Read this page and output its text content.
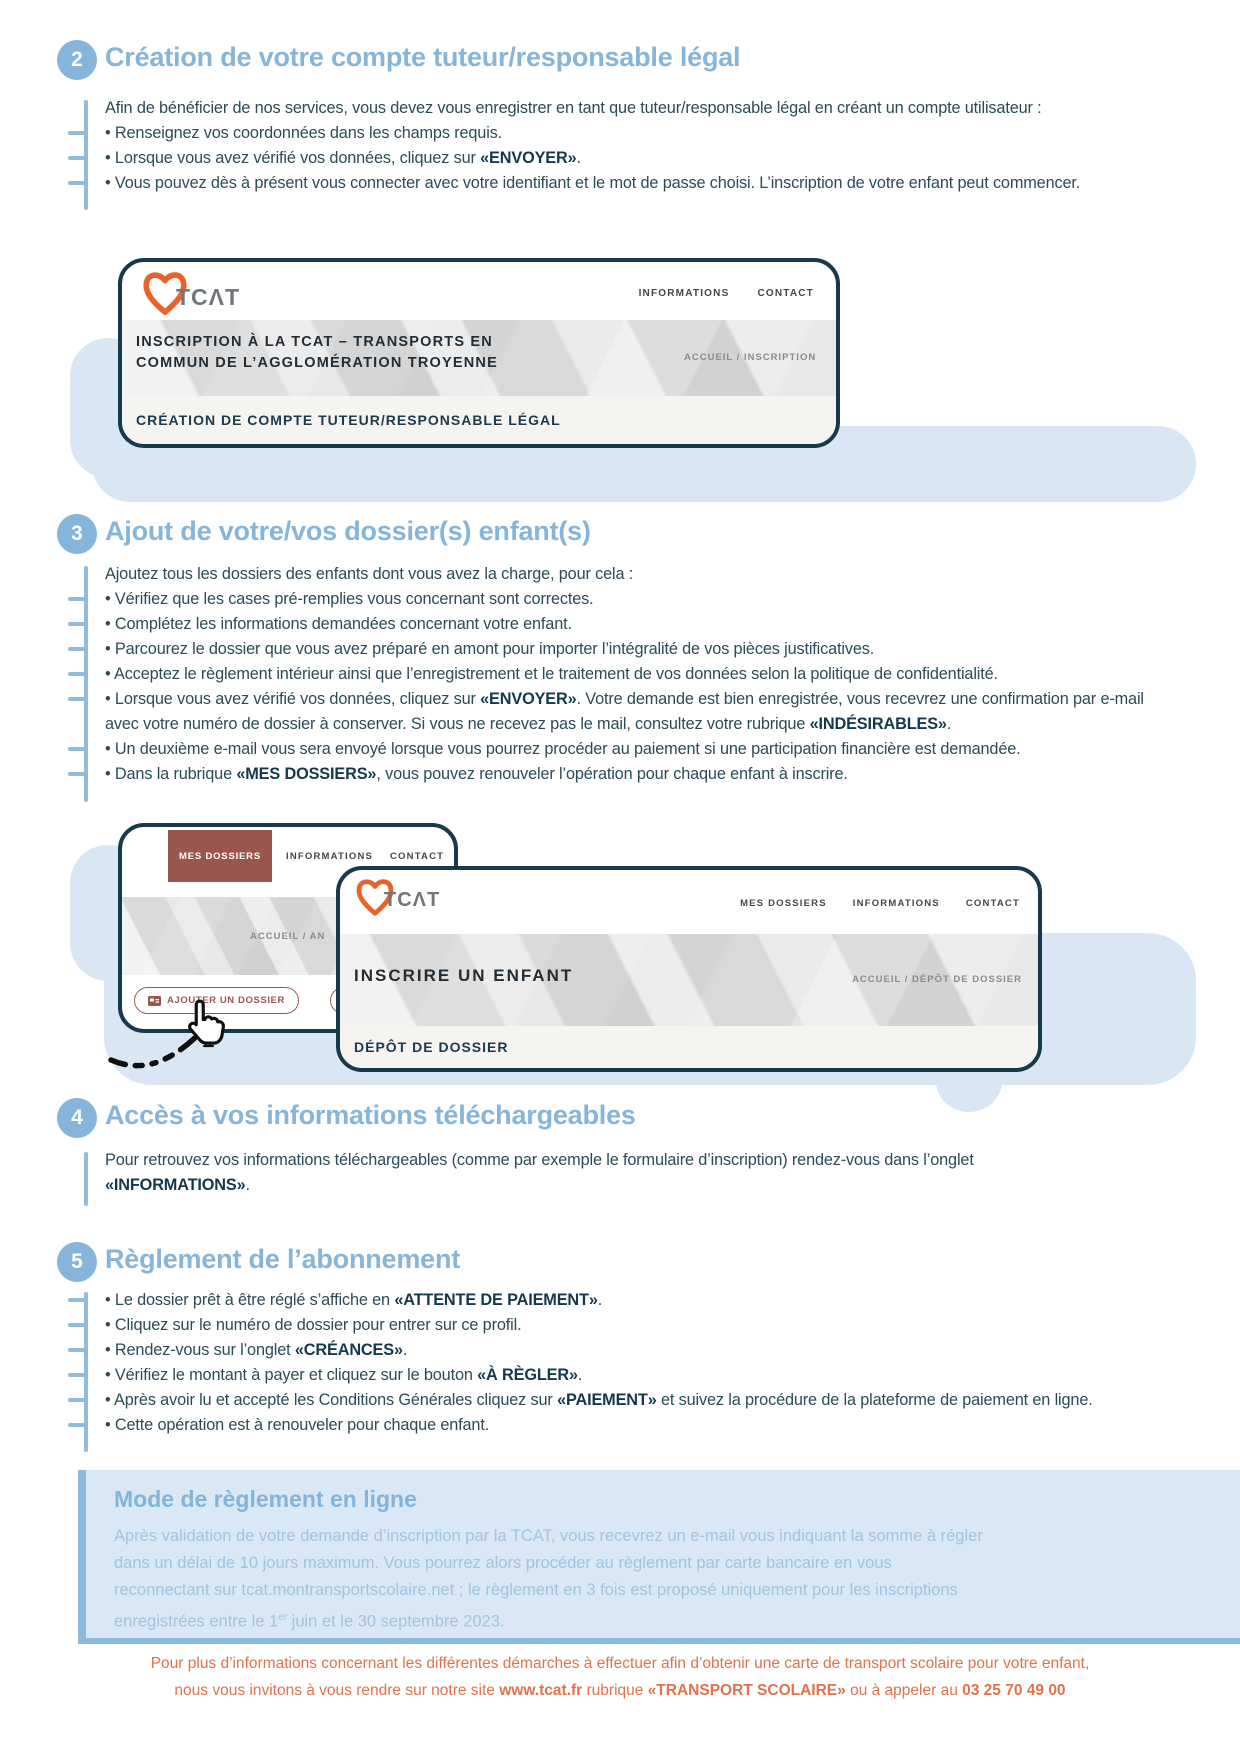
2 Création de votre compte tuteur/responsable légal
Afin de bénéficier de nos services, vous devez vous enregistrer en tant que tuteur/responsable légal en créant un compte utilisateur :
• Renseignez vos coordonnées dans les champs requis.
• Lorsque vous avez vérifié vos données, cliquez sur «ENVOYER».
• Vous pouvez dès à présent vous connecter avec votre identifiant et le mot de passe choisi. L’inscription de votre enfant peut commencer.
TCΛT	INFORMATIONS	CONTACT
INSCRIPTION À LA TCAT – TRANSPORTS EN COMMUN DE L’AGGLOMÉRATION TROYENNE	ACCUEIL / INSCRIPTION
CRÉATION DE COMPTE TUTEUR/RESPONSABLE LÉGAL
3 Ajout de votre/vos dossier(s) enfant(s)
Ajoutez tous les dossiers des enfants dont vous avez la charge, pour cela :
• Vérifiez que les cases pré-remplies vous concernant sont correctes.
• Complétez les informations demandées concernant votre enfant.
• Parcourez le dossier que vous avez préparé en amont pour importer l’intégralité de vos pièces justificatives.
• Acceptez le règlement intérieur ainsi que l’enregistrement et le traitement de vos données selon la politique de confidentialité.
• Lorsque vous avez vérifié vos données, cliquez sur «ENVOYER». Votre demande est bien enregistrée, vous recevrez une confirmation par e-mail avec votre numéro de dossier à conserver. Si vous ne recevez pas le mail, consultez votre rubrique «INDÉSIRABLES».
• Un deuxième e-mail vous sera envoyé lorsque vous pourrez procéder au paiement si une participation financière est demandée.
• Dans la rubrique «MES DOSSIERS», vous pouvez renouveler l’opération pour chaque enfant à inscrire.
MES DOSSIERS	INFORMATIONS CONTACT
ACCUEIL / AN
AJOUTER UN DOSSIER
TCΛT	MES DOSSIERS	INFORMATIONS	CONTACT
INSCRIRE UN ENFANT	ACCUEIL / DÉPÔT DE DOSSIER
DÉPÔT DE DOSSIER
4 Accès à vos informations téléchargeables
Pour retrouvez vos informations téléchargeables (comme par exemple le formulaire d’inscription) rendez-vous dans l’onglet «INFORMATIONS».
5 Règlement de l’abonnement
• Le dossier prêt à être réglé s’affiche en «ATTENTE DE PAIEMENT».
• Cliquez sur le numéro de dossier pour entrer sur ce profil.
• Rendez-vous sur l’onglet «CRÉANCES».
• Vérifiez le montant à payer et cliquez sur le bouton «À RÈGLER».
• Après avoir lu et accepté les Conditions Générales cliquez sur «PAIEMENT» et suivez la procédure de la plateforme de paiement en ligne.
• Cette opération est à renouveler pour chaque enfant.
Mode de règlement en ligne
Après validation de votre demande d’inscription par la TCAT, vous recevrez un e-mail vous indiquant la somme à régler dans un délai de 10 jours maximum. Vous pourrez alors procéder au règlement par carte bancaire en vous reconnectant sur tcat.montransportscolaire.net ; le règlement en 3 fois est proposé uniquement pour les inscriptions enregistrées entre le 1er juin et le 30 septembre 2023.
Pour plus d’informations concernant les différentes démarches à effectuer afin d’obtenir une carte de transport scolaire pour votre enfant, nous vous invitons à vous rendre sur notre site www.tcat.fr rubrique «TRANSPORT SCOLAIRE» ou à appeler au 03 25 70 49 00
